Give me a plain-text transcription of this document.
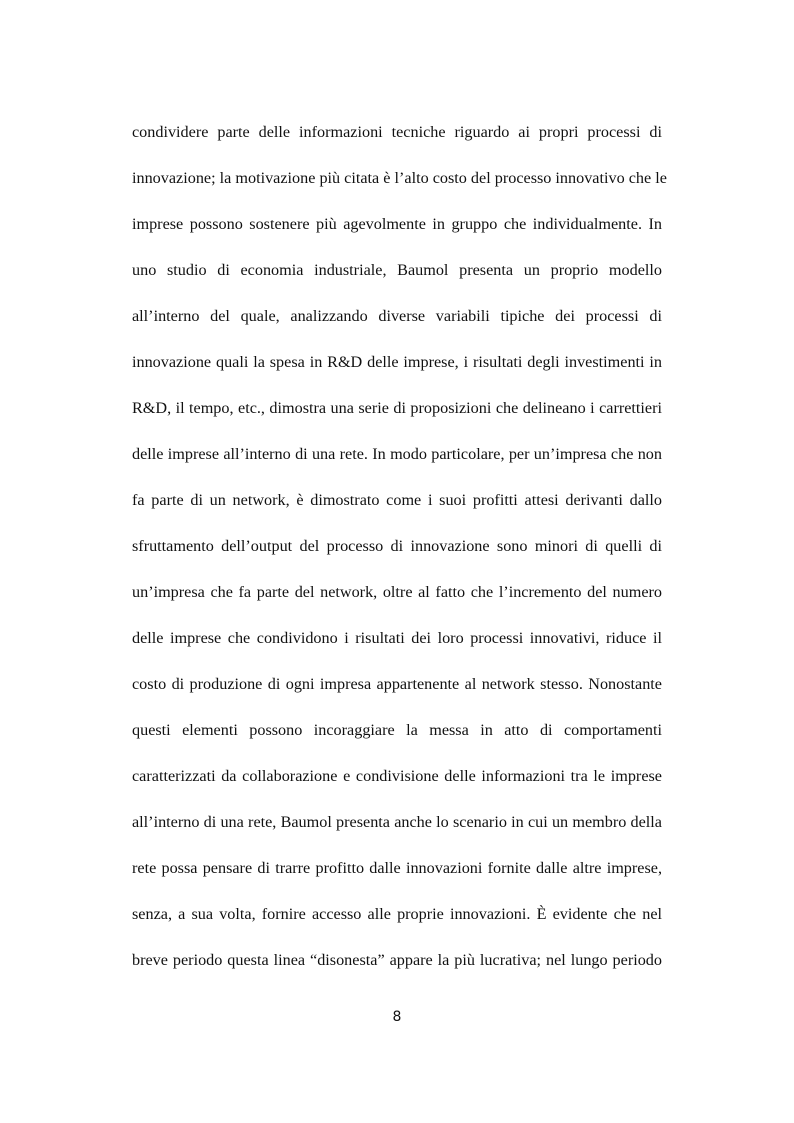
condividere parte delle informazioni tecniche riguardo ai propri processi di
innovazione; la motivazione più citata è l’alto costo del processo innovativo che le
imprese possono sostenere più agevolmente in gruppo che individualmente. In
uno studio di economia industriale, Baumol presenta un proprio modello
all’interno del quale, analizzando diverse variabili tipiche dei processi di
innovazione quali la spesa in R&D delle imprese, i risultati degli investimenti in
R&D, il tempo, etc., dimostra una serie di proposizioni che delineano i carrettieri
delle imprese all’interno di una rete. In modo particolare, per un’impresa che non
fa parte di un network, è dimostrato come i suoi profitti attesi derivanti dallo
sfruttamento dell’output del processo di innovazione sono minori di quelli di
un’impresa che fa parte del network, oltre al fatto che l’incremento del numero
delle imprese che condividono i risultati dei loro processi innovativi, riduce il
costo di produzione di ogni impresa appartenente al network stesso. Nonostante
questi elementi possono incoraggiare la messa in atto di comportamenti
caratterizzati da collaborazione e condivisione delle informazioni tra le imprese
all’interno di una rete, Baumol presenta anche lo scenario in cui un membro della
rete possa pensare di trarre profitto dalle innovazioni fornite dalle altre imprese,
senza, a sua volta, fornire accesso alle proprie innovazioni. È evidente che nel
breve periodo questa linea “disonesta” appare la più lucrativa; nel lungo periodo
8
